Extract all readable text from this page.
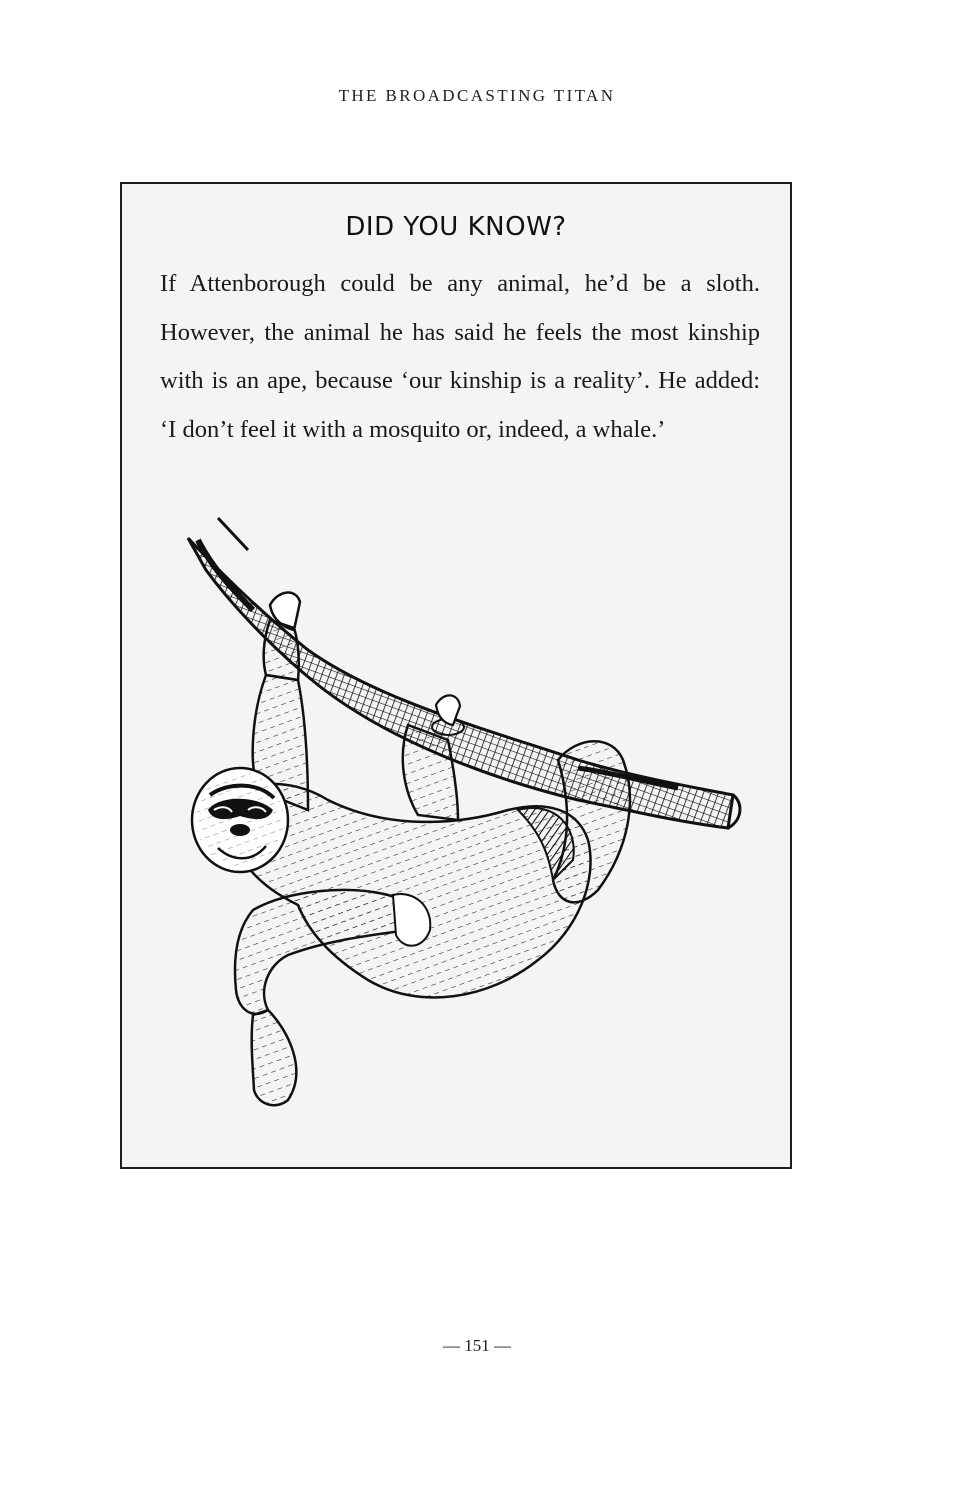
THE BROADCASTING TITAN
DID YOU KNOW?
If Attenborough could be any animal, he’d be a sloth. However, the animal he has said he feels the most kinship with is an ape, because ‘our kinship is a reality’. He added: ‘I don’t feel it with a mosquito or, indeed, a whale.’
— 151 —
